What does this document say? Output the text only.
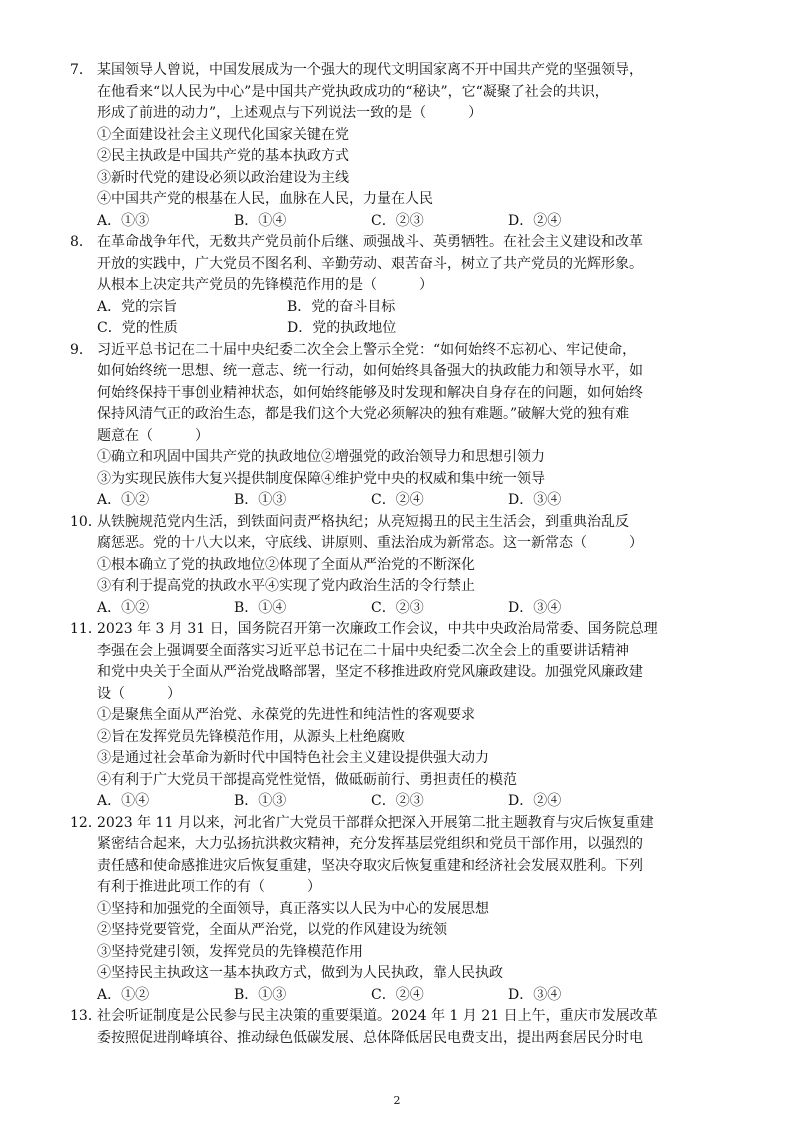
7． 某国领导人曾说，中国发展成为一个强大的现代文明国家离不开中国共产党的坚强领导，
在他看来“以人民为中心”是中国共产党执政成功的“秘诀”，它“凝聚了社会的共识，
形成了前进的动力”，上述观点与下列说法一致的是（　　　）
①全面建设社会主义现代化国家关键在党
②民主执政是中国共产党的基本执政方式
③新时代党的建设必须以政治建设为主线
④中国共产党的根基在人民，血脉在人民，力量在人民
A．①③	B．①④	C．②③	D．②④
8． 在革命战争年代，无数共产党员前仆后继、顽强战斗、英勇牺牲。在社会主义建设和改革
开放的实践中，广大党员不图名利、辛勤劳动、艰苦奋斗，树立了共产党员的光辉形象。
从根本上决定共产党员的先锋模范作用的是（　　　）
A．党的宗旨	B．党的奋斗目标
C．党的性质	D．党的执政地位
9． 习近平总书记在二十届中央纪委二次全会上警示全党：“如何始终不忘初心、牢记使命，
如何始终统一思想、统一意志、统一行动，如何始终具备强大的执政能力和领导水平，如
何始终保持干事创业精神状态，如何始终能够及时发现和解决自身存在的问题，如何始终
保持风清气正的政治生态，都是我们这个大党必须解决的独有难题。”破解大党的独有难
题意在（　　　）
①确立和巩固中国共产党的执政地位②增强党的政治领导力和思想引领力
③为实现民族伟大复兴提供制度保障④维护党中央的权威和集中统一领导
A．①②	B．①③	C．②④	D．③④
10．
从铁腕规范党内生活，到铁面问责严格执纪；从亮短揭丑的民主生活会，到重典治乱反
腐惩恶。党的十八大以来，守底线、讲原则、重法治成为新常态。这一新常态（　　　）
①根本确立了党的执政地位②体现了全面从严治党的不断深化
③有利于提高党的执政水平④实现了党内政治生活的令行禁止
A．①②	B．①④	C．②③	D．③④
11．
2023 年 3 月 31 日，国务院召开第一次廉政工作会议，中共中央政治局常委、国务院总理
李强在会上强调要全面落实习近平总书记在二十届中央纪委二次全会上的重要讲话精神
和党中央关于全面从严治党战略部署，坚定不移推进政府党风廉政建设。加强党风廉政建
设（　　　）
①是聚焦全面从严治党、永葆党的先进性和纯洁性的客观要求
②旨在发挥党员先锋模范作用，从源头上杜绝腐败
③是通过社会革命为新时代中国特色社会主义建设提供强大动力
④有利于广大党员干部提高党性觉悟，做砥砺前行、勇担责任的模范
A．①④	B．①③	C．②③	D．②④
12．
2023 年 11 月以来，河北省广大党员干部群众把深入开展第二批主题教育与灾后恢复重建
紧密结合起来，大力弘扬抗洪救灾精神，充分发挥基层党组织和党员干部作用，以强烈的
责任感和使命感推进灾后恢复重建，坚决夺取灾后恢复重建和经济社会发展双胜利。下列
有利于推进此项工作的有（　　　）
①坚持和加强党的全面领导，真正落实以人民为中心的发展思想
②坚持党要管党，全面从严治党，以党的作风建设为统领
③坚持党建引领，发挥党员的先锋模范作用
④坚持民主执政这一基本执政方式，做到为人民执政，靠人民执政
A．①②	B．①③	C．②④	D．③④
13．
社会听证制度是公民参与民主决策的重要渠道。2024 年 1 月 21 日上午，重庆市发展改革
委按照促进削峰填谷、推动绿色低碳发展、总体降低居民电费支出，提出两套居民分时电
2
